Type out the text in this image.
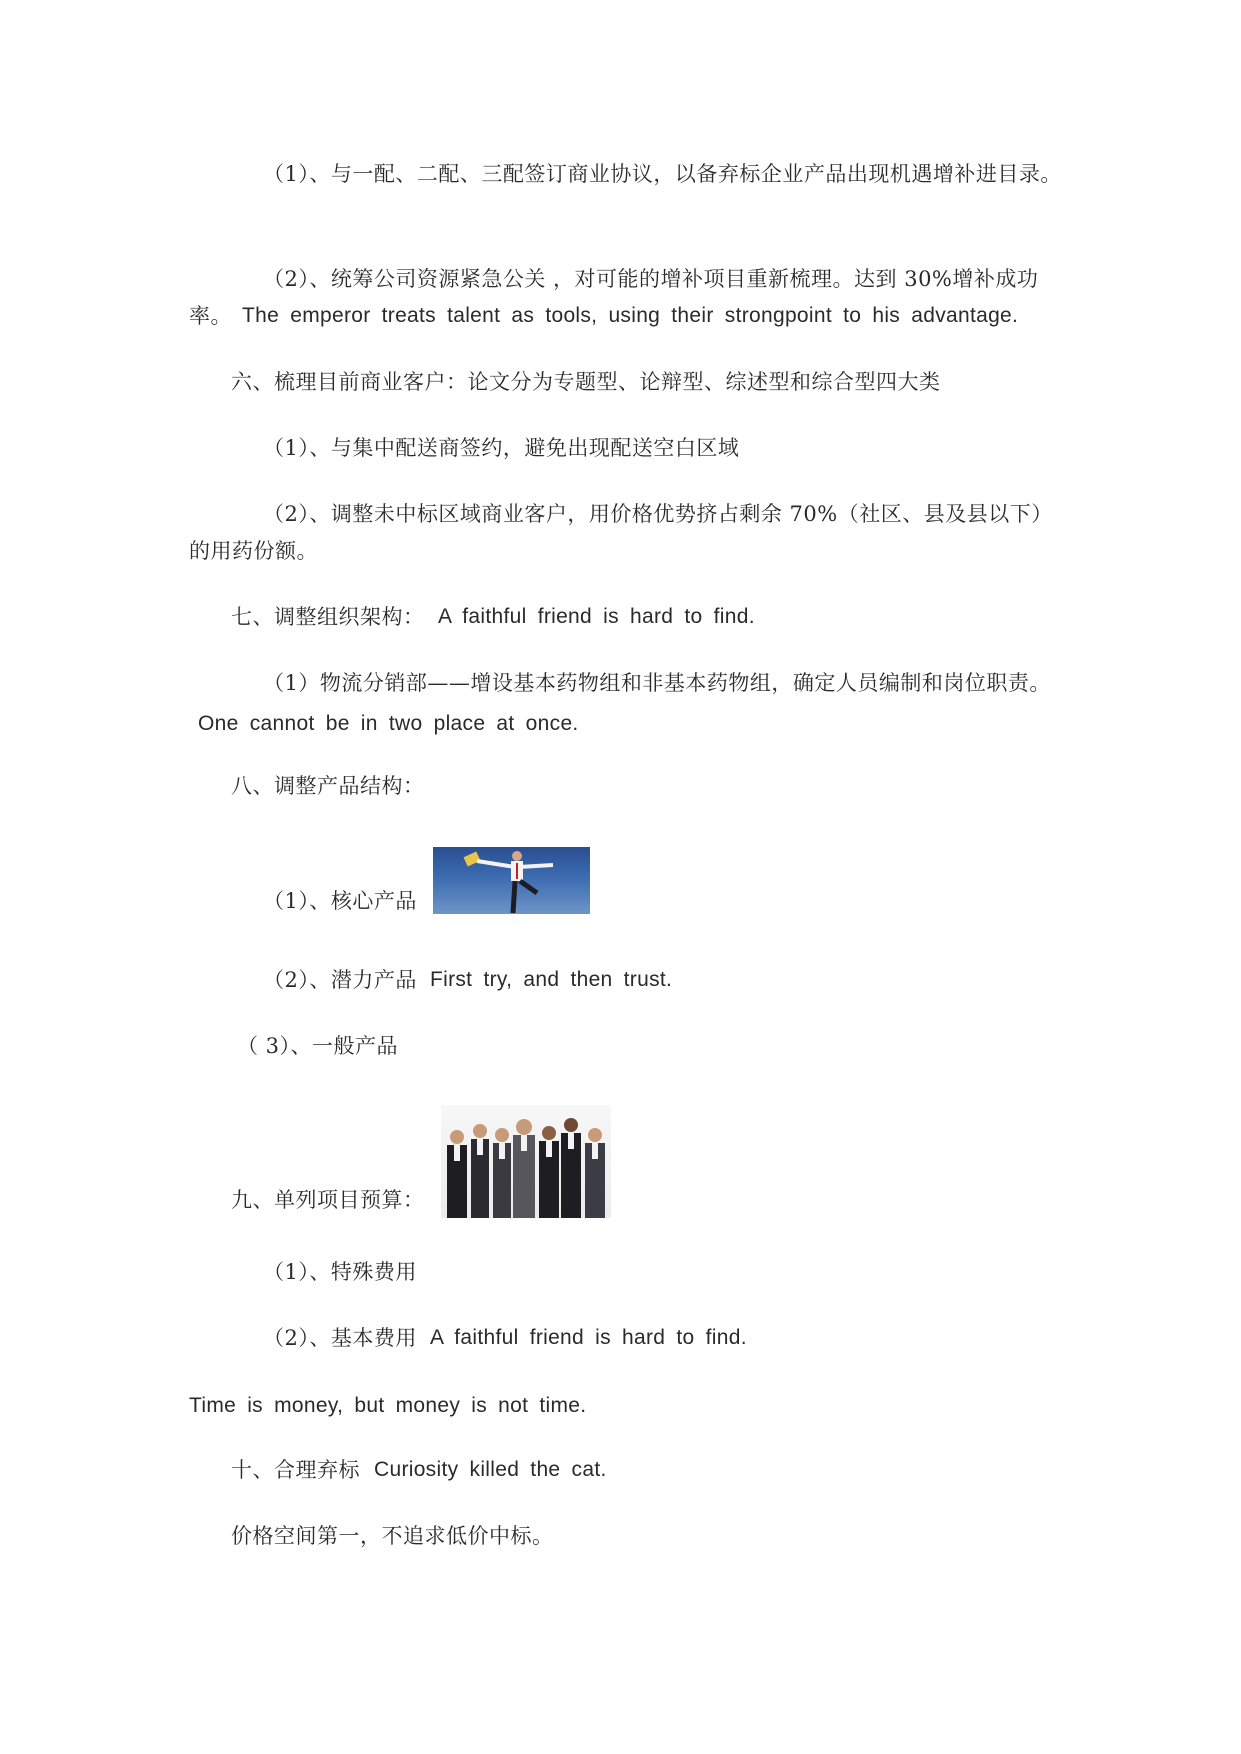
（1）、与一配、二配、三配签订商业协议，以备弃标企业产品出现机遇增补进目录。
（2）、统筹公司资源紧急公关 ，对可能的增补项目重新梳理。达到 30%增补成功
率。 The emperor treats talent as tools, using their strongpoint to his advantage.
六、梳理目前商业客户：论文分为专题型、论辩型、综述型和综合型四大类
（1）、与集中配送商签约，避免出现配送空白区域
（2）、调整未中标区域商业客户，用价格优势挤占剩余 70%（社区、县及县以下）
的用药份额。
七、调整组织架构： A faithful friend is hard to find.
（1）物流分销部——增设基本药物组和非基本药物组，确定人员编制和岗位职责。
One cannot be in two place at once.
八、调整产品结构：
（1）、核心产品
（2）、潜力产品 First try, and then trust.
（ 3）、一般产品
九、单列项目预算：
（1）、特殊费用
（2）、基本费用 A faithful friend is hard to find.
Time is money, but money is not time.
十、合理弃标 Curiosity killed the cat.
价格空间第一，不追求低价中标。
